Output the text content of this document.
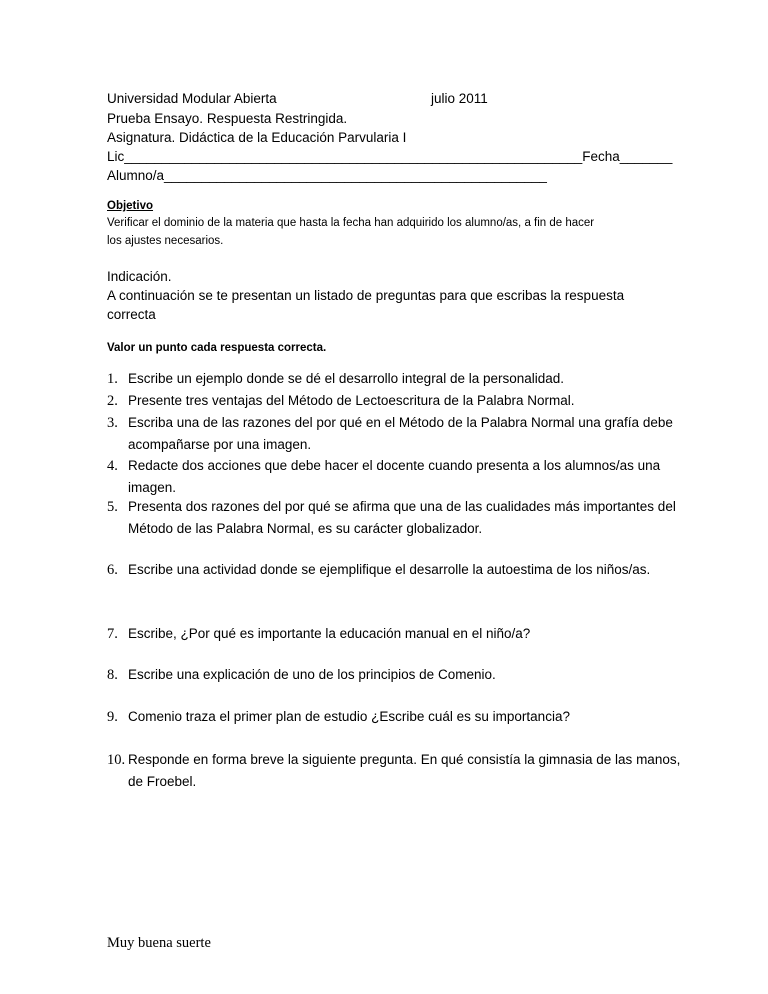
Universidad Modular Abierta	julio 2011
Prueba Ensayo. Respuesta Restringida.
Asignatura. Didáctica de la Educación Parvularia I
Lic_____________________________________________________________Fecha_______
Alumno/a___________________________________________________
Objetivo
Verificar el dominio de la materia que hasta la fecha han adquirido los alumno/as, a fin de hacer
los ajustes necesarios.
Indicación.
A continuación se te presentan un listado de preguntas para que escribas la respuesta
correcta
Valor un punto cada respuesta correcta.
1. Escribe un ejemplo donde se dé el desarrollo integral de la personalidad.
2. Presente tres ventajas del Método de Lectoescritura de la Palabra Normal.
3. Escriba una de las razones del por qué en el Método de la Palabra Normal una grafía debe acompañarse por una imagen.
4. Redacte dos acciones que debe hacer el docente cuando presenta a los alumnos/as una imagen.
5. Presenta dos razones del por qué se afirma que una de las cualidades más importantes del Método de las Palabra Normal, es su carácter globalizador.
6. Escribe una actividad donde se ejemplifique el desarrolle la autoestima de los niños/as.
7. Escribe, ¿Por qué es importante la educación manual en el niño/a?
8. Escribe una explicación de uno de los principios de Comenio.
9. Comenio traza el primer plan de estudio ¿Escribe cuál es su importancia?
10. Responde en forma breve la siguiente pregunta. En qué consistía la gimnasia de las manos, de Froebel.
Muy buena suerte
